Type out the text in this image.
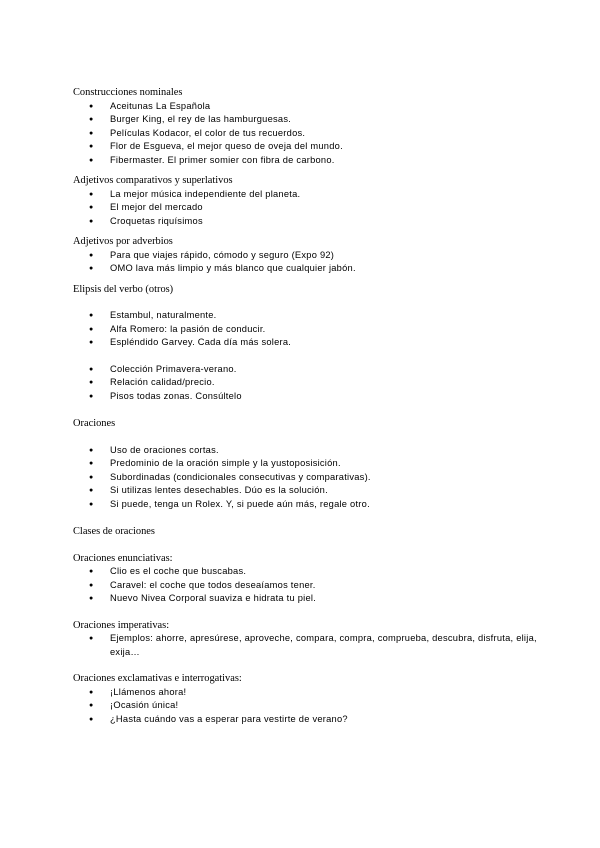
Construcciones nominales

● Aceitunas La Española
● Burger King, el rey de las hamburguesas.
● Películas Kodacor, el color de tus recuerdos.
● Flor de Esgueva, el mejor queso de oveja del mundo.
● Fibermaster. El primer somier con fibra de carbono.

Adjetivos comparativos y superlativos

● La mejor música independiente del planeta.
● El mejor del mercado
● Croquetas riquísimos

Adjetivos por adverbios

● Para que viajes rápido, cómodo y seguro (Expo 92)
● OMO lava más limpio y más blanco que cualquier jabón.

Elipsis del verbo (otros)

● Estambul, naturalmente.
● Alfa Romero: la pasión de conducir.
● Espléndido Garvey. Cada día más solera.
● Colección Primavera-verano.
● Relación calidad/precio.
● Pisos todas zonas. Consúltelo

Oraciones

● Uso de oraciones cortas.
● Predominio de la oración simple y la yustoposisición.
● Subordinadas (condicionales consecutivas y comparativas).
● Si utilizas lentes desechables. Dúo es la solución.
● Si puede, tenga un Rolex. Y, si puede aún más, regale otro.

Clases de oraciones

Oraciones enunciativas:

● Clio es el coche que buscabas.
● Caravel: el coche que todos deseaíamos tener.
● Nuevo Nivea Corporal suaviza e hidrata tu piel.

Oraciones imperativas:

● Ejemplos: ahorre, apresúrese, aproveche, compara, compra, comprueba, descubra, disfruta, elija, exija…

Oraciones exclamativas e interrogativas:

● ¡Llámenos ahora!
● ¡Ocasión única!
● ¿Hasta cuándo vas a esperar para vestirte de verano?
